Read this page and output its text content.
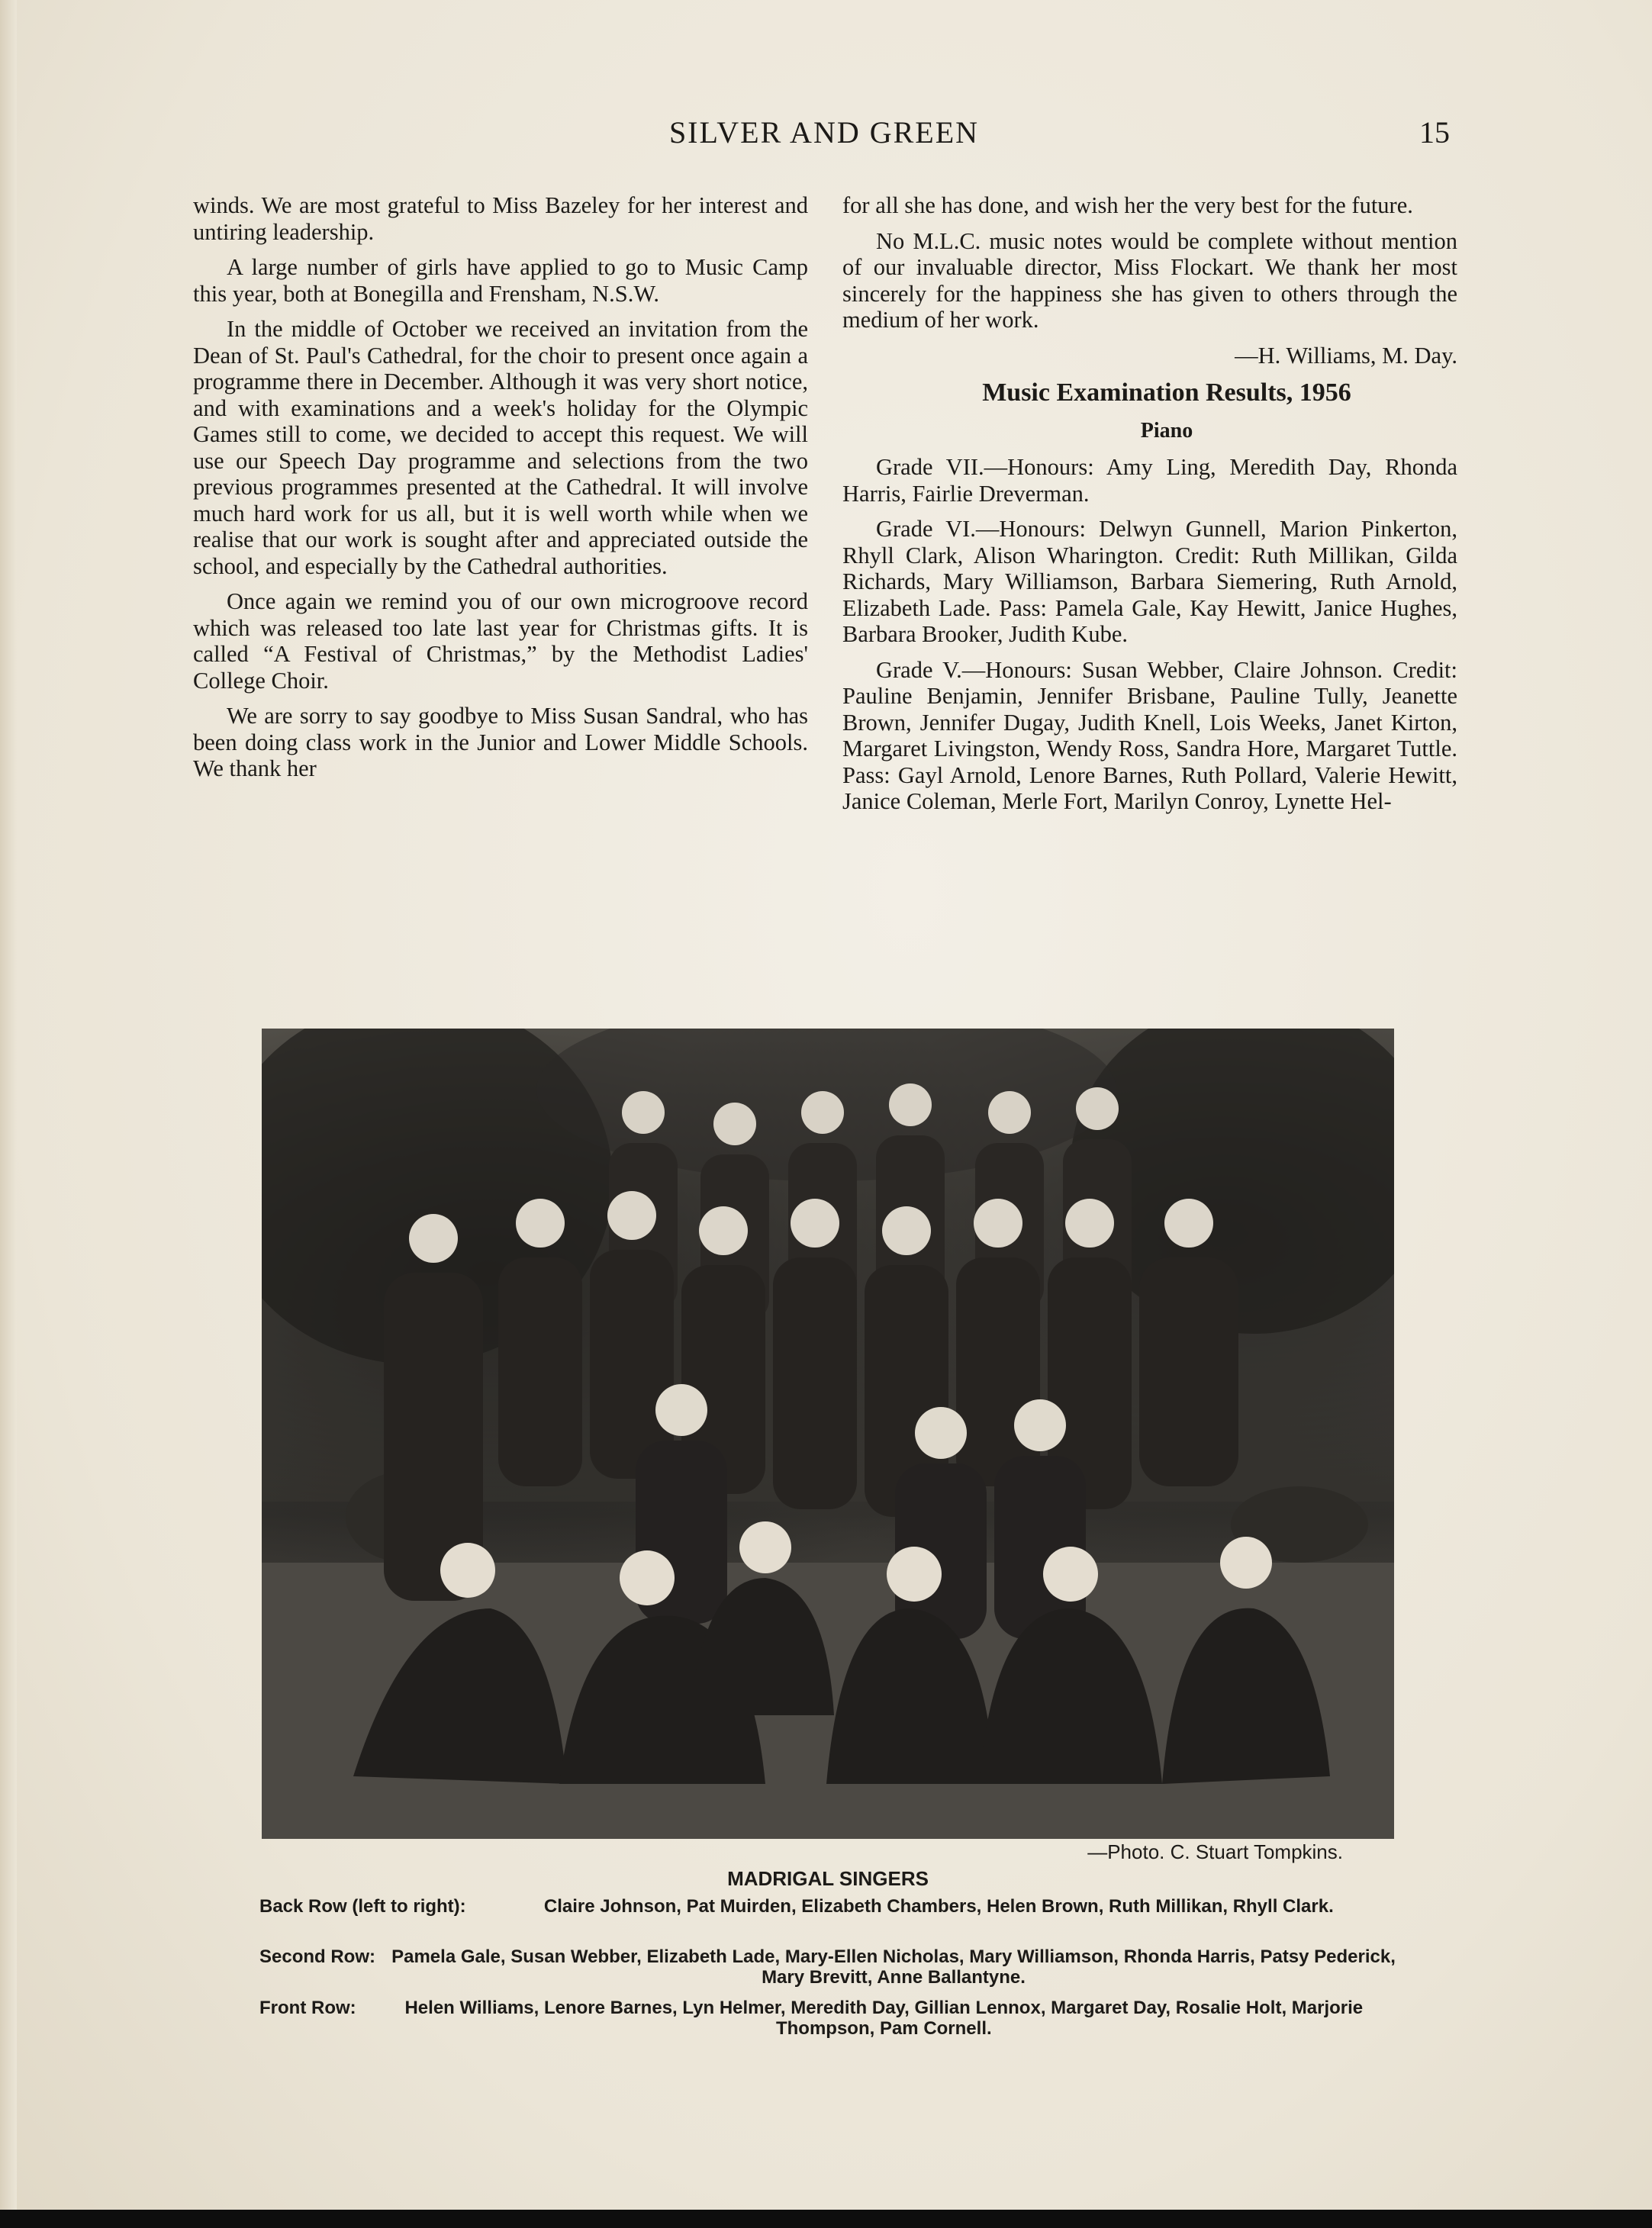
SILVER AND GREEN	15

winds. We are most grateful to Miss Bazeley for her interest and untiring leadership.

A large number of girls have applied to go to Music Camp this year, both at Bonegilla and Frensham, N.S.W.

In the middle of October we received an invitation from the Dean of St. Paul's Cathedral, for the choir to present once again a programme there in December. Although it was very short notice, and with examinations and a week's holiday for the Olympic Games still to come, we decided to accept this request. We will use our Speech Day programme and selections from the two previous programmes presented at the Cathedral. It will involve much hard work for us all, but it is well worth while when we realise that our work is sought after and appreciated outside the school, and especially by the Cathedral authorities.

Once again we remind you of our own microgroove record which was released too late last year for Christmas gifts. It is called “A Festival of Christmas,” by the Methodist Ladies' College Choir.

We are sorry to say goodbye to Miss Susan Sandral, who has been doing class work in the Junior and Lower Middle Schools. We thank her

for all she has done, and wish her the very best for the future.

No M.L.C. music notes would be complete without mention of our invaluable director, Miss Flockart. We thank her most sincerely for the happiness she has given to others through the medium of her work.

—H. Williams, M. Day.

Music Examination Results, 1956

Piano

Grade VII.—Honours: Amy Ling, Meredith Day, Rhonda Harris, Fairlie Dreverman.

Grade VI.—Honours: Delwyn Gunnell, Marion Pinkerton, Rhyll Clark, Alison Wharington. Credit: Ruth Millikan, Gilda Richards, Mary Williamson, Barbara Siemering, Ruth Arnold, Elizabeth Lade. Pass: Pamela Gale, Kay Hewitt, Janice Hughes, Barbara Brooker, Judith Kube.

Grade V.—Honours: Susan Webber, Claire Johnson. Credit: Pauline Benjamin, Jennifer Brisbane, Pauline Tully, Jeanette Brown, Jennifer Dugay, Judith Knell, Lois Weeks, Janet Kirton, Margaret Livingston, Wendy Ross, Sandra Hore, Margaret Tuttle. Pass: Gayl Arnold, Lenore Barnes, Ruth Pollard, Valerie Hewitt, Janice Coleman, Merle Fort, Marilyn Conroy, Lynette Hel-

—Photo. C. Stuart Tompkins.
MADRIGAL SINGERS
Back Row (left to right):	Claire Johnson, Pat Muirden, Elizabeth Chambers, Helen Brown, Ruth Millikan, Rhyll Clark.
Second Row: Pamela Gale, Susan Webber, Elizabeth Lade, Mary-Ellen Nicholas, Mary Williamson, Rhonda Harris, Patsy Pederick, Mary Brevitt, Anne Ballantyne.
Front Row:	Helen Williams, Lenore Barnes, Lyn Helmer, Meredith Day, Gillian Lennox, Margaret Day, Rosalie Holt, Marjorie Thompson, Pam Cornell.
